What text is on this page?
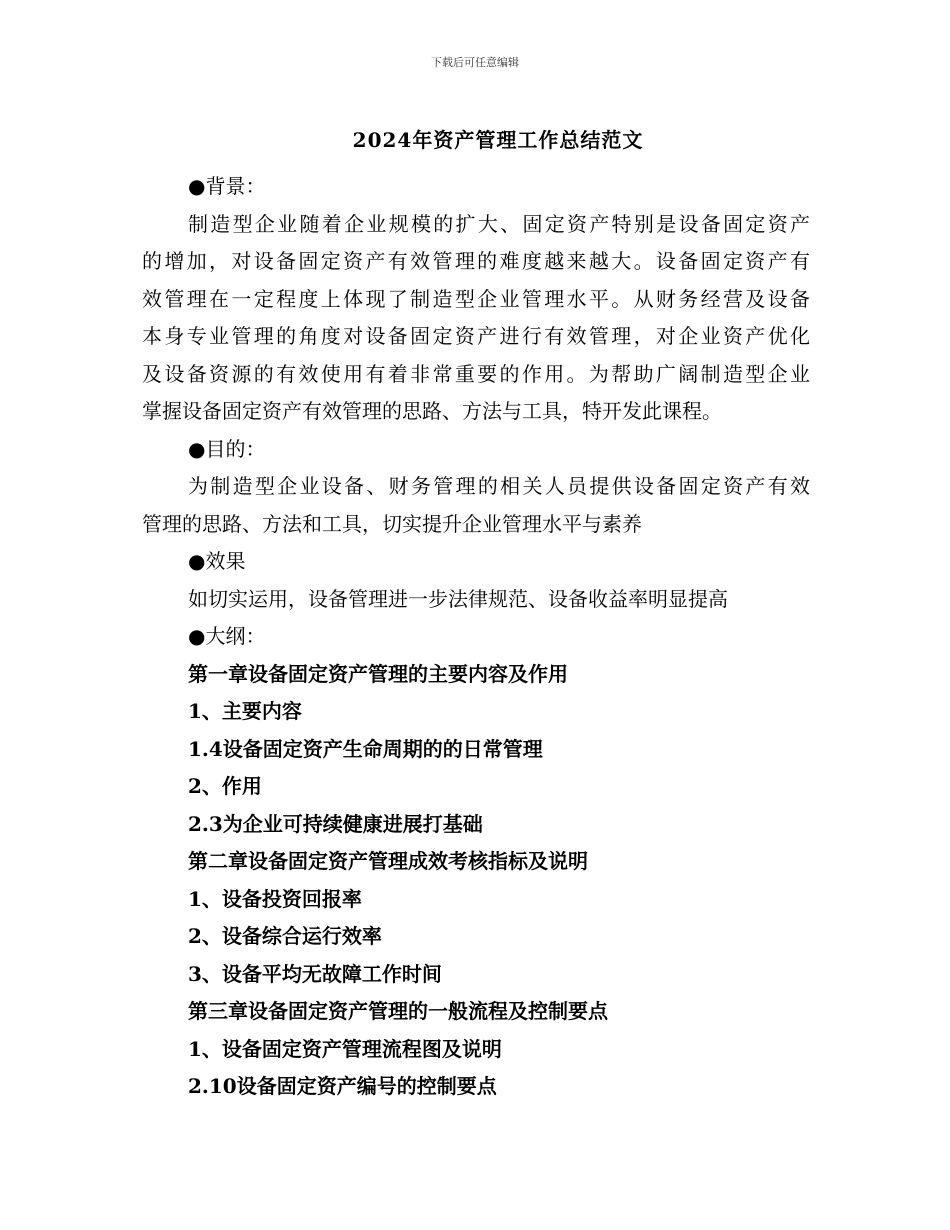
下载后可任意编辑
2024年资产管理工作总结范文
●背景：
制造型企业随着企业规模的扩大、固定资产特别是设备固定资产
的增加，对设备固定资产有效管理的难度越来越大。设备固定资产有
效管理在一定程度上体现了制造型企业管理水平。从财务经营及设备
本身专业管理的角度对设备固定资产进行有效管理，对企业资产优化
及设备资源的有效使用有着非常重要的作用。为帮助广阔制造型企业
掌握设备固定资产有效管理的思路、方法与工具，特开发此课程。
●目的：
为制造型企业设备、财务管理的相关人员提供设备固定资产有效
管理的思路、方法和工具，切实提升企业管理水平与素养
●效果
如切实运用，设备管理进一步法律规范、设备收益率明显提高
●大纲：
第一章设备固定资产管理的主要内容及作用
1、主要内容
1.4设备固定资产生命周期的的日常管理
2、作用
2.3为企业可持续健康进展打基础
第二章设备固定资产管理成效考核指标及说明
1、设备投资回报率
2、设备综合运行效率
3、设备平均无故障工作时间
第三章设备固定资产管理的一般流程及控制要点
1、设备固定资产管理流程图及说明
2.10设备固定资产编号的控制要点
